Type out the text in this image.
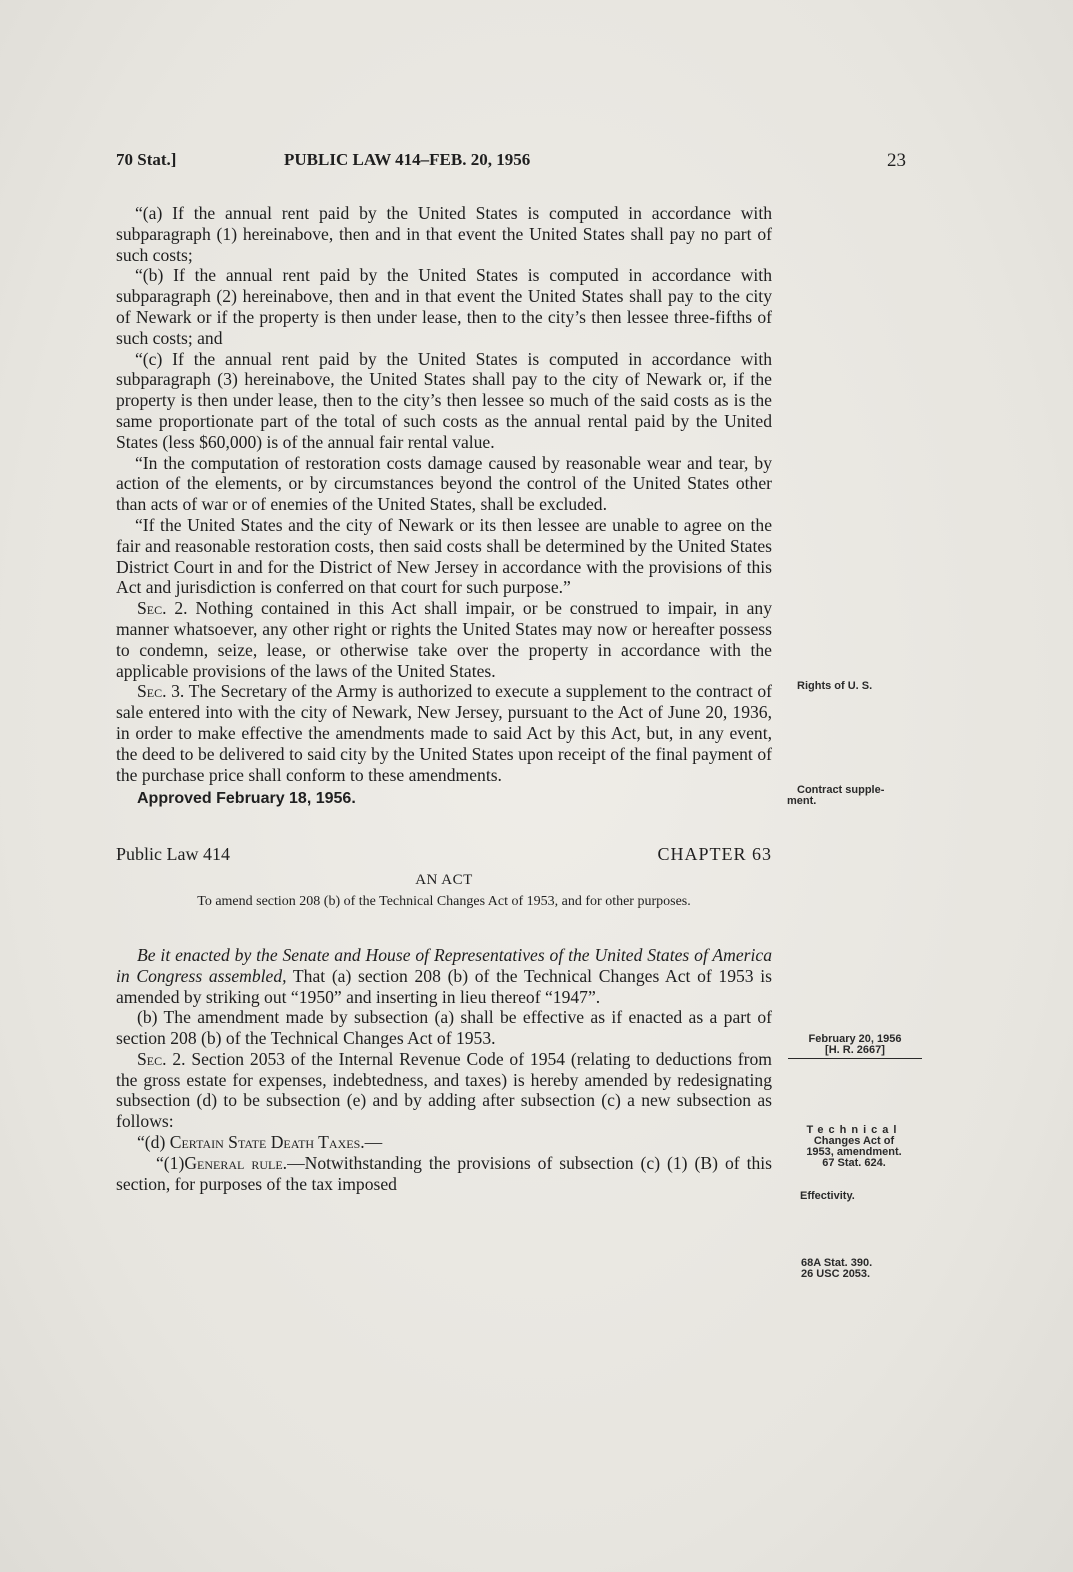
70 Stat.]	PUBLIC LAW 414–FEB. 20, 1956	23

“(a) If the annual rent paid by the United States is computed in accordance with subparagraph (1) hereinabove, then and in that event the United States shall pay no part of such costs;

“(b) If the annual rent paid by the United States is computed in accordance with subparagraph (2) hereinabove, then and in that event the United States shall pay to the city of Newark or if the property is then under lease, then to the city’s then lessee three-fifths of such costs; and

“(c) If the annual rent paid by the United States is computed in accordance with subparagraph (3) hereinabove, the United States shall pay to the city of Newark or, if the property is then under lease, then to the city’s then lessee so much of the said costs as is the same proportionate part of the total of such costs as the annual rental paid by the United States (less $60,000) is of the annual fair rental value.

“In the computation of restoration costs damage caused by reasonable wear and tear, by action of the elements, or by circumstances beyond the control of the United States other than acts of war or of enemies of the United States, shall be excluded.

“If the United States and the city of Newark or its then lessee are unable to agree on the fair and reasonable restoration costs, then said costs shall be determined by the United States District Court in and for the District of New Jersey in accordance with the provisions of this Act and jurisdiction is conferred on that court for such purpose.”

Sec. 2. Nothing contained in this Act shall impair, or be construed to impair, in any manner whatsoever, any other right or rights the United States may now or hereafter possess to condemn, seize, lease, or otherwise take over the property in accordance with the applicable provisions of the laws of the United States.

Sec. 3. The Secretary of the Army is authorized to execute a supplement to the contract of sale entered into with the city of Newark, New Jersey, pursuant to the Act of June 20, 1936, in order to make effective the amendments made to said Act by this Act, but, in any event, the deed to be delivered to said city by the United States upon receipt of the final payment of the purchase price shall conform to these amendments.

Approved February 18, 1956.

Public Law 414	CHAPTER 63
AN ACT
To amend section 208 (b) of the Technical Changes Act of 1953, and for other purposes.

Be it enacted by the Senate and House of Representatives of the United States of America in Congress assembled, That (a) section 208 (b) of the Technical Changes Act of 1953 is amended by striking out “1950” and inserting in lieu thereof “1947”.

(b) The amendment made by subsection (a) shall be effective as if enacted as a part of section 208 (b) of the Technical Changes Act of 1953.

Sec. 2. Section 2053 of the Internal Revenue Code of 1954 (relating to deductions from the gross estate for expenses, indebtedness, and taxes) is hereby amended by redesignating subsection (d) to be subsection (e) and by adding after subsection (c) a new subsection as follows:

“(d) Certain State Death Taxes.—

“(1)General rule.—Notwithstanding the provisions of subsection (c) (1) (B) of this section, for purposes of the tax imposed

Rights of U. S.
Contract supple-
ment.
February 20, 1956
[H. R. 2667]
Technical
Changes Act of
1953, amendment.
67 Stat. 624.
Effectivity.
68A Stat. 390.
26 USC 2053.
